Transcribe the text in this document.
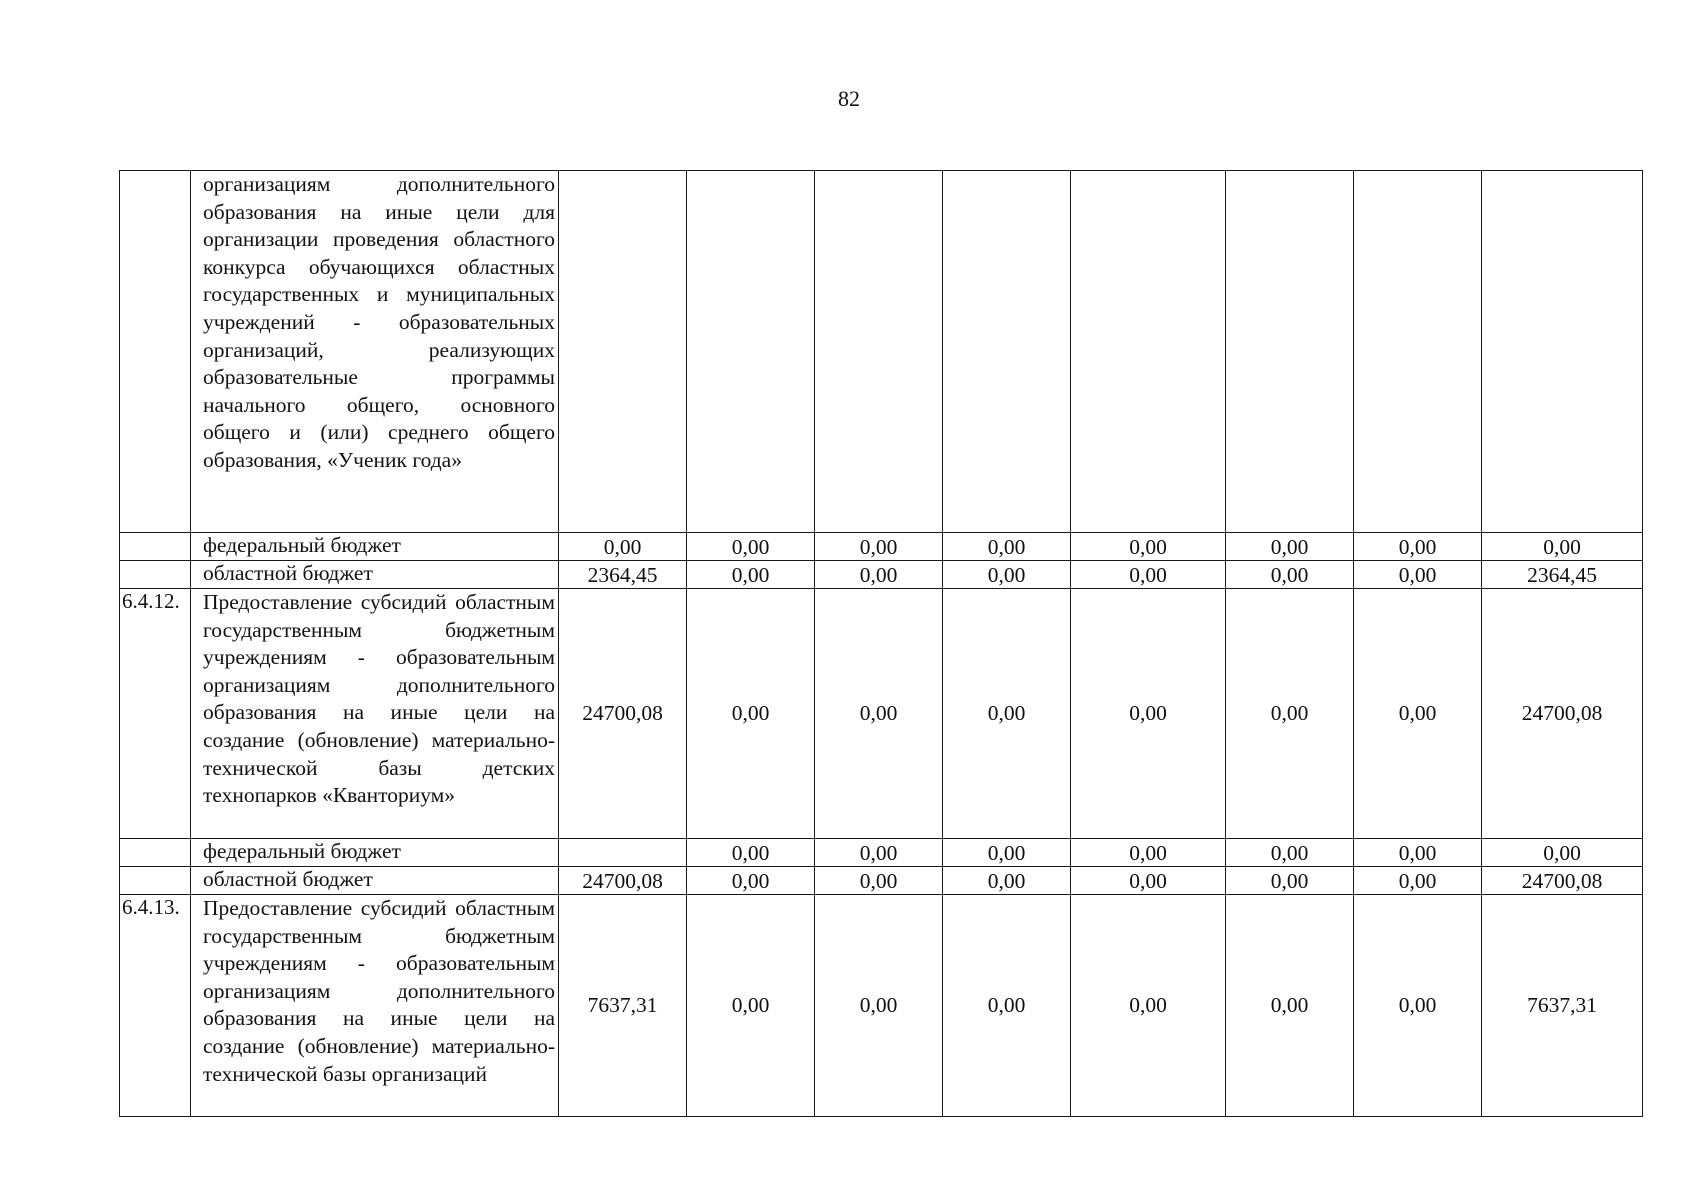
82

	организациям дополнительного образования на иные цели для организации проведения областного конкурса обучающихся областных государственных и муниципальных учреждений - образовательных организаций, реализующих образовательные программы начального общего, основного общего и (или) среднего общего образования, «Ученик года»								

	федеральный бюджет	0,00	0,00	0,00	0,00	0,00	0,00	0,00	0,00
	областной бюджет	2364,45	0,00	0,00	0,00	0,00	0,00	0,00	2364,45
6.4.12.	Предоставление субсидий областным государственным бюджетным учреждениям - образовательным организациям дополнительного образования на иные цели на создание (обновление) материально-технической базы детских технопарков «Кванториум»	24700,08	0,00	0,00	0,00	0,00	0,00	0,00	24700,08
	федеральный бюджет		0,00	0,00	0,00	0,00	0,00	0,00	0,00
	областной бюджет	24700,08	0,00	0,00	0,00	0,00	0,00	0,00	24700,08
6.4.13.	Предоставление субсидий областным государственным бюджетным учреждениям - образовательным организациям дополнительного образования на иные цели на создание (обновление) материально-технической базы организаций	7637,31	0,00	0,00	0,00	0,00	0,00	0,00	7637,31
